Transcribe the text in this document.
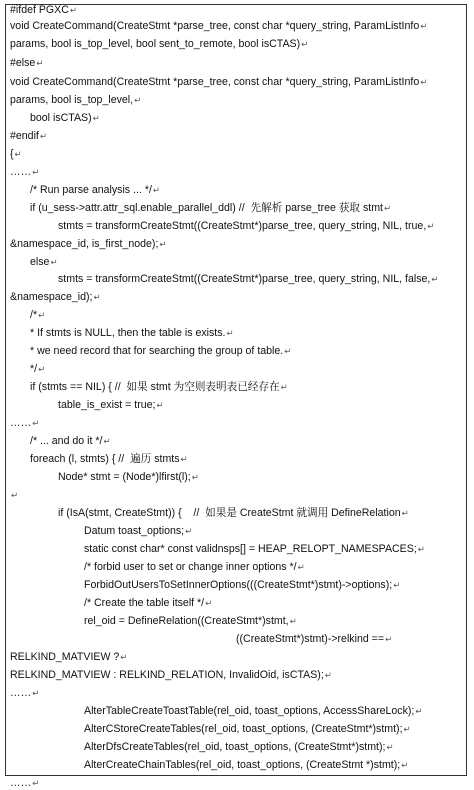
#ifdef PGXC↵
void CreateCommand(CreateStmt *parse_tree, const char *query_string, ParamListInfo↵
params, bool is_top_level, bool sent_to_remote, bool isCTAS)↵
#else↵
void CreateCommand(CreateStmt *parse_tree, const char *query_string, ParamListInfo↵
params, bool is_top_level,↵
bool isCTAS)↵
#endif↵
{↵
……↵
/* Run parse analysis ... */↵
if (u_sess->attr.attr_sql.enable_parallel_ddl) //  先解析 parse_tree 获取 stmt↵
stmts = transformCreateStmt((CreateStmt*)parse_tree, query_string, NIL, true,↵
&namespace_id, is_first_node);↵
else↵
stmts = transformCreateStmt((CreateStmt*)parse_tree, query_string, NIL, false,↵
&namespace_id);↵
/*↵
* If stmts is NULL, then the table is exists.↵
* we need record that for searching the group of table.↵
*/↵
if (stmts == NIL) { //  如果 stmt 为空则表明表已经存在↵
table_is_exist = true;↵
……↵
/* ... and do it */↵
foreach (l, stmts) { //  遍历 stmts↵
Node* stmt = (Node*)lfirst(l);↵
↵
if (IsA(stmt, CreateStmt)) {    //  如果是 CreateStmt 就调用 DefineRelation↵
Datum toast_options;↵
static const char* const validnsps[] = HEAP_RELOPT_NAMESPACES;↵
/* forbid user to set or change inner options */↵
ForbidOutUsersToSetInnerOptions(((CreateStmt*)stmt)->options);↵
/* Create the table itself */↵
rel_oid = DefineRelation((CreateStmt*)stmt,↵
((CreateStmt*)stmt)->relkind ==↵
RELKIND_MATVIEW ?↵
RELKIND_MATVIEW : RELKIND_RELATION, InvalidOid, isCTAS);↵
……↵
AlterTableCreateToastTable(rel_oid, toast_options, AccessShareLock);↵
AlterCStoreCreateTables(rel_oid, toast_options, (CreateStmt*)stmt);↵
AlterDfsCreateTables(rel_oid, toast_options, (CreateStmt*)stmt);↵
AlterCreateChainTables(rel_oid, toast_options, (CreateStmt *)stmt);↵
……↵
